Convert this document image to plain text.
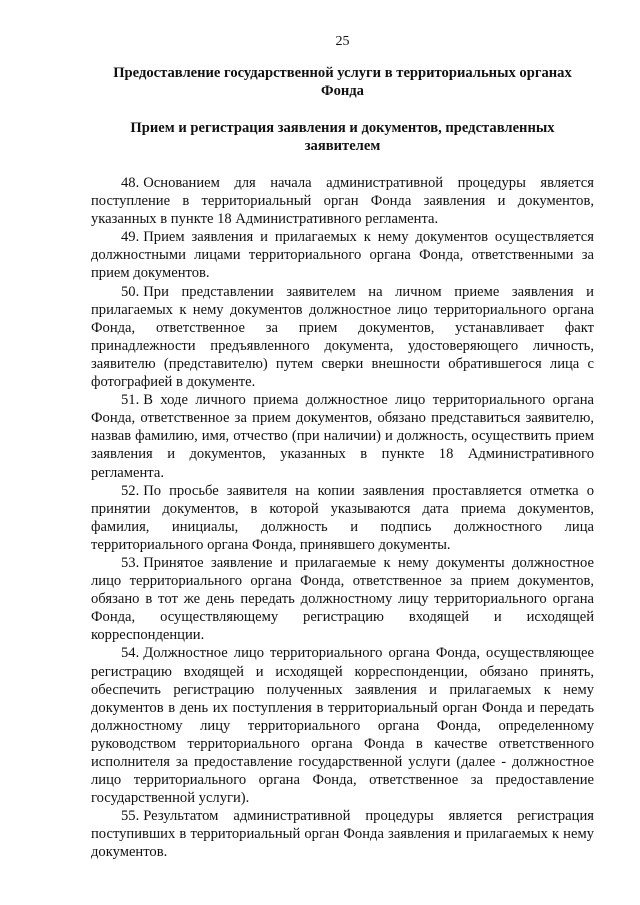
25
Предоставление государственной услуги в территориальных органах Фонда
Прием и регистрация заявления и документов, представленных заявителем

48. Основанием для начала административной процедуры является поступление в территориальный орган Фонда заявления и документов, указанных в пункте 18 Административного регламента.

49. Прием заявления и прилагаемых к нему документов осуществляется должностными лицами территориального органа Фонда, ответственными за прием документов.

50. При представлении заявителем на личном приеме заявления и прилагаемых к нему документов должностное лицо территориального органа Фонда, ответственное за прием документов, устанавливает факт принадлежности предъявленного документа, удостоверяющего личность, заявителю (представителю) путем сверки внешности обратившегося лица с фотографией в документе.

51. В ходе личного приема должностное лицо территориального органа Фонда, ответственное за прием документов, обязано представиться заявителю, назвав фамилию, имя, отчество (при наличии) и должность, осуществить прием заявления и документов, указанных в пункте 18 Административного регламента.

52. По просьбе заявителя на копии заявления проставляется отметка о принятии документов, в которой указываются дата приема документов, фамилия, инициалы, должность и подпись должностного лица территориального органа Фонда, принявшего документы.

53. Принятое заявление и прилагаемые к нему документы должностное лицо территориального органа Фонда, ответственное за прием документов, обязано в тот же день передать должностному лицу территориального органа Фонда, осуществляющему регистрацию входящей и исходящей корреспонденции.

54. Должностное лицо территориального органа Фонда, осуществляющее регистрацию входящей и исходящей корреспонденции, обязано принять, обеспечить регистрацию полученных заявления и прилагаемых к нему документов в день их поступления в территориальный орган Фонда и передать должностному лицу территориального органа Фонда, определенному руководством территориального органа Фонда в качестве ответственного исполнителя за предоставление государственной услуги (далее - должностное лицо территориального органа Фонда, ответственное за предоставление государственной услуги).

55. Результатом административной процедуры является регистрация поступивших в территориальный орган Фонда заявления и прилагаемых к нему документов.
